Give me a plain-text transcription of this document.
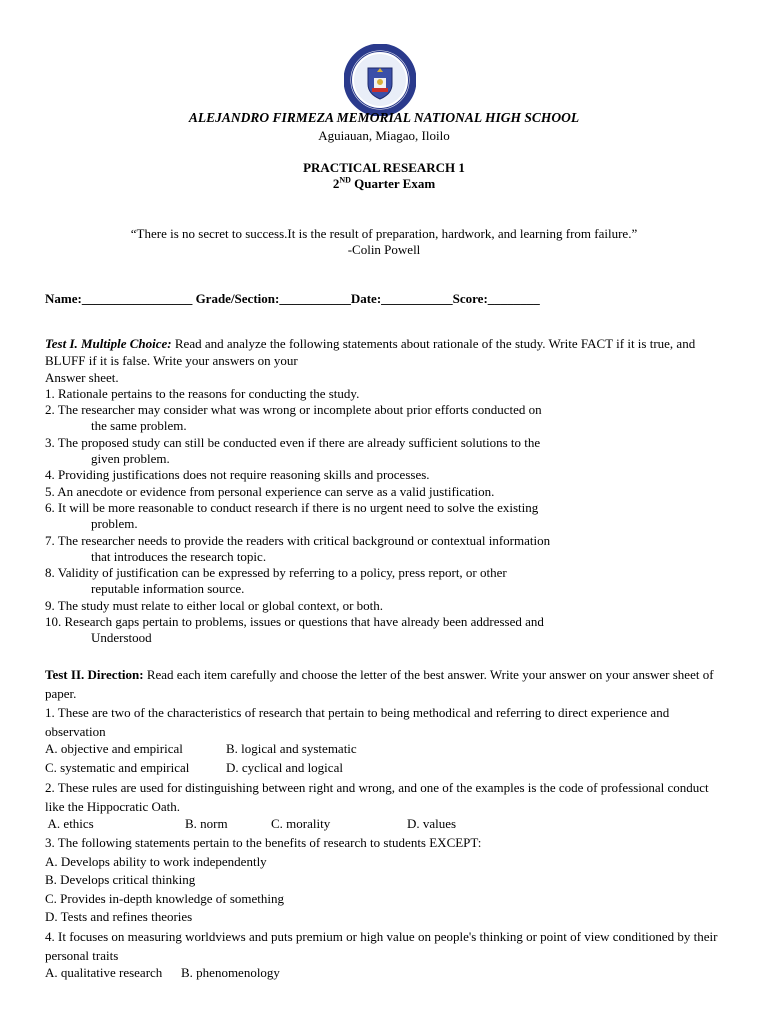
ALEJANDRO FIRMEZA MEMORIAL NATIONAL HIGH SCHOOL
Aguiauan, Miagao, Iloilo
PRACTICAL RESEARCH 1
2ND Quarter Exam
“There is no secret to success.It is the result of preparation, hardwork, and learning from failure.”
-Colin Powell
Name:_________________ Grade/Section:___________Date:___________Score:________
Test I. Multiple Choice: Read and analyze the following statements about rationale of the study. Write FACT if it is true, and BLUFF if it is false. Write your answers on your
Answer sheet.
1. Rationale pertains to the reasons for conducting the study.
2. The researcher may consider what was wrong or incomplete about prior efforts conducted on
the same problem.
3. The proposed study can still be conducted even if there are already sufficient solutions to the
given problem.
4. Providing justifications does not require reasoning skills and processes.
5. An anecdote or evidence from personal experience can serve as a valid justification.
6. It will be more reasonable to conduct research if there is no urgent need to solve the existing
problem.
7. The researcher needs to provide the readers with critical background or contextual information
that introduces the research topic.
8. Validity of justification can be expressed by referring to a policy, press report, or other
reputable information source.
9. The study must relate to either local or global context, or both.
10. Research gaps pertain to problems, issues or questions that have already been addressed and
Understood
Test II. Direction: Read each item carefully and choose the letter of the best answer. Write your answer on your answer sheet of paper.
1. These are two of the characteristics of research that pertain to being methodical and referring to direct experience and observation
A. objective and empirical	B. logical and systematic
C. systematic and empirical	D. cyclical and logical
2. These rules are used for distinguishing between right and wrong, and one of the examples is the code of professional conduct like the Hippocratic Oath.
A. ethics	B. norm	C. morality	D. values
3. The following statements pertain to the benefits of research to students EXCEPT:
A. Develops ability to work independently
B. Develops critical thinking
C. Provides in-depth knowledge of something
D. Tests and refines theories
4. It focuses on measuring worldviews and puts premium or high value on people's thinking or point of view conditioned by their personal traits
A. qualitative research B. phenomenology
